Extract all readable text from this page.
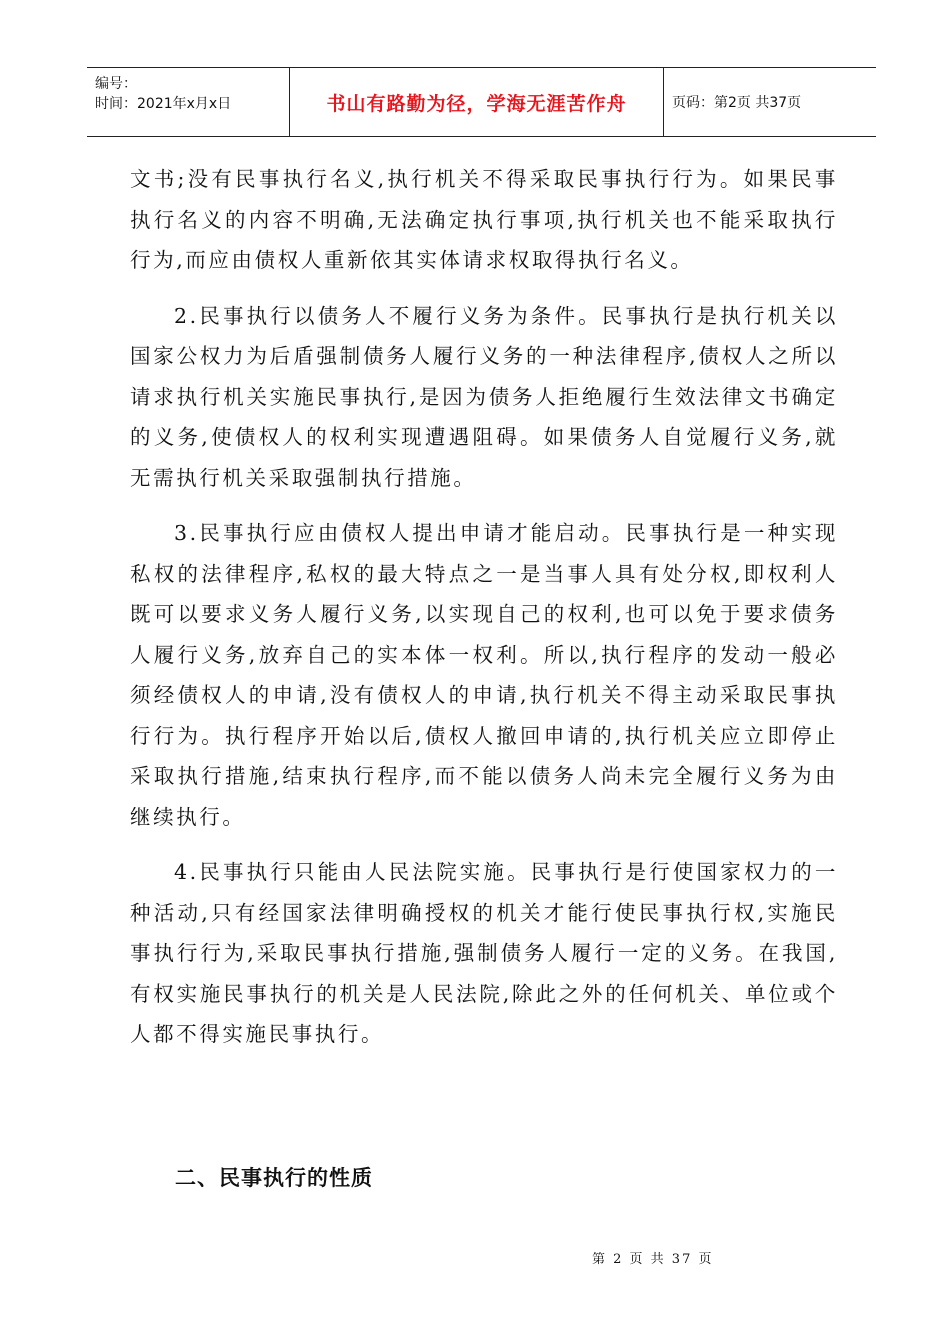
编号：
时间：2021年x月x日	书山有路勤为径，学海无涯苦作舟	页码：第2页 共37页

文书;没有民事执行名义,执行机关不得采取民事执行行为。如果民事执行名义的内容不明确,无法确定执行事项,执行机关也不能采取执行行为,而应由债权人重新依其实体请求权取得执行名义。

2.民事执行以债务人不履行义务为条件。民事执行是执行机关以国家公权力为后盾强制债务人履行义务的一种法律程序,债权人之所以请求执行机关实施民事执行,是因为债务人拒绝履行生效法律文书确定的义务,使债权人的权利实现遭遇阻碍。如果债务人自觉履行义务,就无需执行机关采取强制执行措施。

3.民事执行应由债权人提出申请才能启动。民事执行是一种实现私权的法律程序,私权的最大特点之一是当事人具有处分权,即权利人既可以要求义务人履行义务,以实现自己的权利,也可以免于要求债务人履行义务,放弃自己的实本体一权利。所以,执行程序的发动一般必须经债权人的申请,没有债权人的申请,执行机关不得主动采取民事执行行为。执行程序开始以后,债权人撤回申请的,执行机关应立即停止采取执行措施,结束执行程序,而不能以债务人尚未完全履行义务为由继续执行。

4.民事执行只能由人民法院实施。民事执行是行使国家权力的一种活动,只有经国家法律明确授权的机关才能行使民事执行权,实施民事执行行为,采取民事执行措施,强制债务人履行一定的义务。在我国,有权实施民事执行的机关是人民法院,除此之外的任何机关、单位或个人都不得实施民事执行。

二、民事执行的性质
第 2 页 共 37 页
